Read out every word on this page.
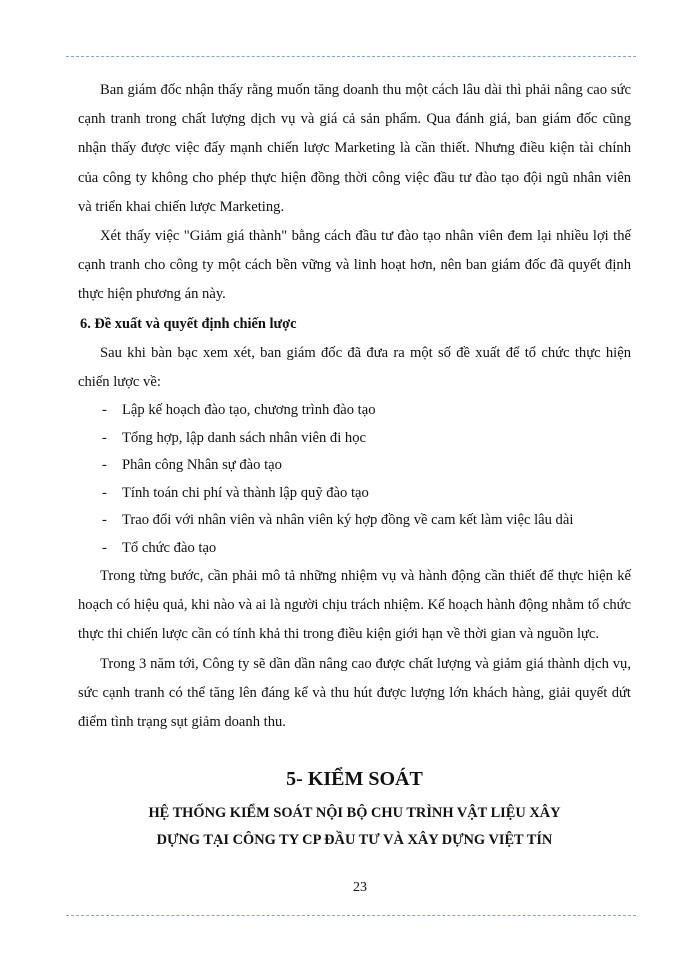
Ban giám đốc nhận thấy rằng muốn tăng doanh thu một cách lâu dài thì phải nâng cao sức cạnh tranh trong chất lượng dịch vụ và giá cả sản phẩm. Qua đánh giá, ban giám đốc cũng nhận thấy được việc đẩy mạnh chiến lược Marketing là cần thiết. Nhưng điều kiện tài chính của công ty không cho phép thực hiện đồng thời công việc đầu tư đào tạo đội ngũ nhân viên và triển khai chiến lược Marketing.

Xét thấy việc "Giảm giá thành" bằng cách đầu tư đào tạo nhân viên đem lại nhiều lợi thế cạnh tranh cho công ty một cách bền vững và linh hoạt hơn, nên ban giám đốc đã quyết định thực hiện phương án này.

6. Đề xuất và quyết định chiến lược

Sau khi bàn bạc xem xét, ban giám đốc đã đưa ra một số đề xuất để tổ chức thực hiện chiến lược về:

- Lập kế hoạch đào tạo, chương trình đào tạo
- Tổng hợp, lập danh sách nhân viên đi học
- Phân công Nhân sự đào tạo
- Tính toán chi phí và thành lập quỹ đào tạo
- Trao đổi với nhân viên và nhân viên ký hợp đồng về cam kết làm việc lâu dài
- Tổ chức đào tạo

Trong từng bước, cần phải mô tả những nhiệm vụ và hành động cần thiết để thực hiện kế hoạch có hiệu quả, khi nào và ai là người chịu trách nhiệm. Kế hoạch hành động nhằm tổ chức thực thi chiến lược cần có tính khả thi trong điều kiện giới hạn về thời gian và nguồn lực.

Trong 3 năm tới, Công ty sẽ dần dần nâng cao được chất lượng và giảm giá thành dịch vụ, sức cạnh tranh có thể tăng lên đáng kể và thu hút được lượng lớn khách hàng, giải quyết dứt điểm tình trạng sụt giảm doanh thu.

5- KIỂM SOÁT
HỆ THỐNG KIỂM SOÁT NỘI BỘ CHU TRÌNH VẬT LIỆU XÂY
DỰNG TẠI CÔNG TY CP ĐẦU TƯ VÀ XÂY DỰNG VIỆT TÍN
23
